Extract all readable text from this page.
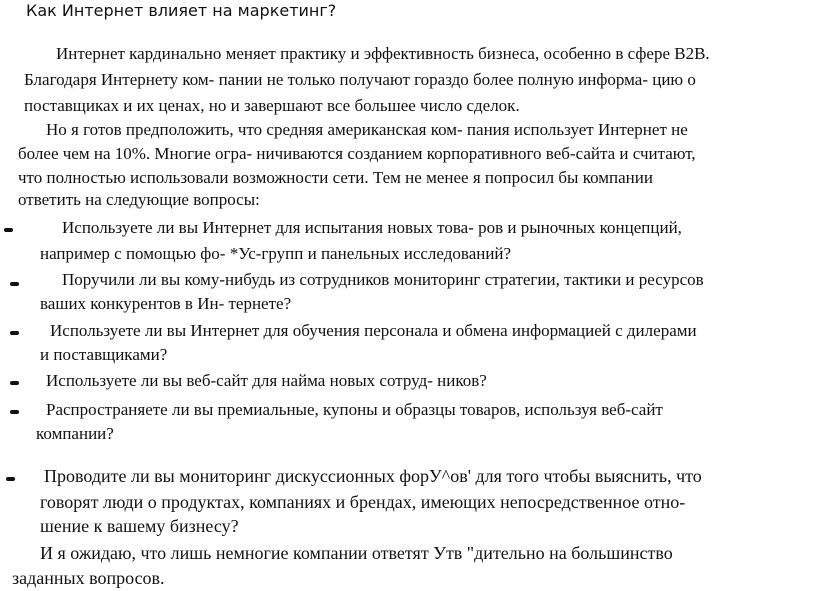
Как Интернет влияет на маркетинг?
Интернет кардинально меняет практику и эффективность бизнеса, особенно в сфере B2B.
Благодаря Интернету ком- пании не только получают гораздо более полную информа- цию о
поставщиках и их ценах, но и завершают все большее число сделок.
Но я готов предположить, что средняя американская ком- пания использует Интернет не
более чем на 10%. Многие огра- ничиваются созданием корпоративного веб-сайта и считают,
что полностью использовали возможности сети. Тем не менее я попросил бы компании
ответить на следующие вопросы:
Используете ли вы Интернет для испытания новых това- ров и рыночных концепций,
например с помощью фо- *Ус-групп и панельных исследований?
Поручили ли вы кому-нибудь из сотрудников мониторинг стратегии, тактики и ресурсов
ваших конкурентов в Ин- тернете?
Используете ли вы Интернет для обучения персонала и обмена информацией с дилерами
и поставщиками?
Используете ли вы веб-сайт для найма новых сотруд- ников?
Распространяете ли вы премиальные, купоны и образцы товаров, используя веб-сайт
компании?
Проводите ли вы мониторинг дискуссионных форУ^ов' для того чтобы выяснить, что
говорят люди о продуктах, компаниях и брендах, имеющих непосредственное отно-
шение к вашему бизнесу?
И я ожидаю, что лишь немногие компании ответят Утв "дительно на большинство
заданных вопросов.
